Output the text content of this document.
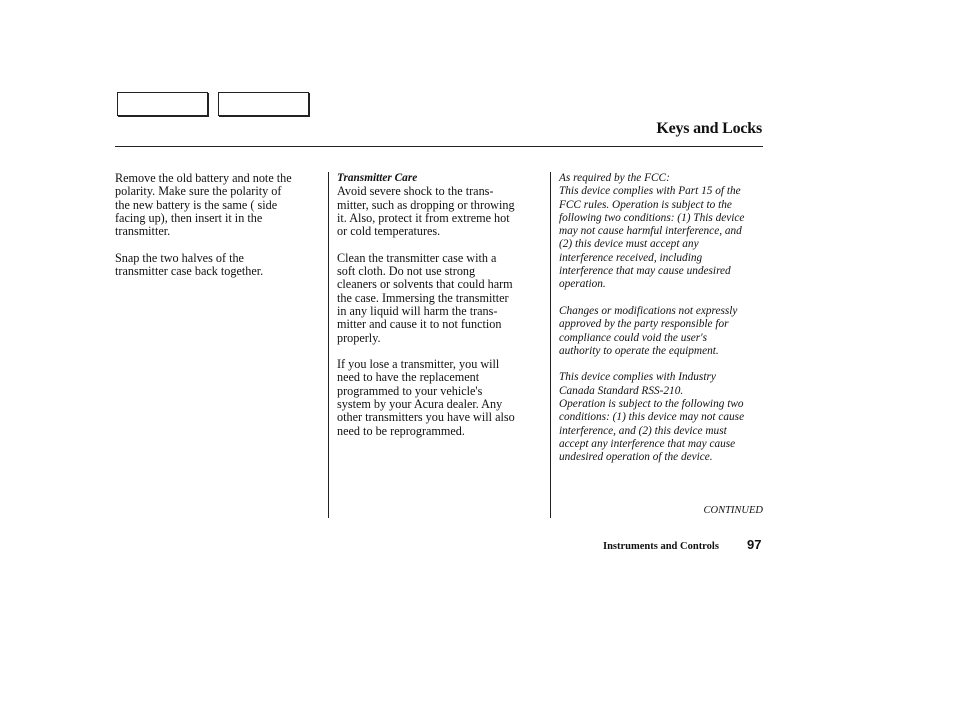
Keys and Locks

Remove the old battery and note the
polarity. Make sure the polarity of
the new battery is the same ( side
facing up), then insert it in the
transmitter.

Snap the two halves of the
transmitter case back together.

Transmitter Care

Avoid severe shock to the trans-
mitter, such as dropping or throwing
it. Also, protect it from extreme hot
or cold temperatures.

Clean the transmitter case with a
soft cloth. Do not use strong
cleaners or solvents that could harm
the case. Immersing the transmitter
in any liquid will harm the trans-
mitter and cause it to not function
properly.

If you lose a transmitter, you will
need to have the replacement
programmed to your vehicle's
system by your Acura dealer. Any
other transmitters you have will also
need to be reprogrammed.

As required by the FCC:
This device complies with Part 15 of the
FCC rules. Operation is subject to the
following two conditions: (1) This device
may not cause harmful interference, and
(2) this device must accept any
interference received, including
interference that may cause undesired
operation.

Changes or modifications not expressly
approved by the party responsible for
compliance could void the user's
authority to operate the equipment.

This device complies with Industry
Canada Standard RSS-210.
Operation is subject to the following two
conditions: (1) this device may not cause
interference, and (2) this device must
accept any interference that may cause
undesired operation of the device.

CONTINUED
Instruments and Controls 97
